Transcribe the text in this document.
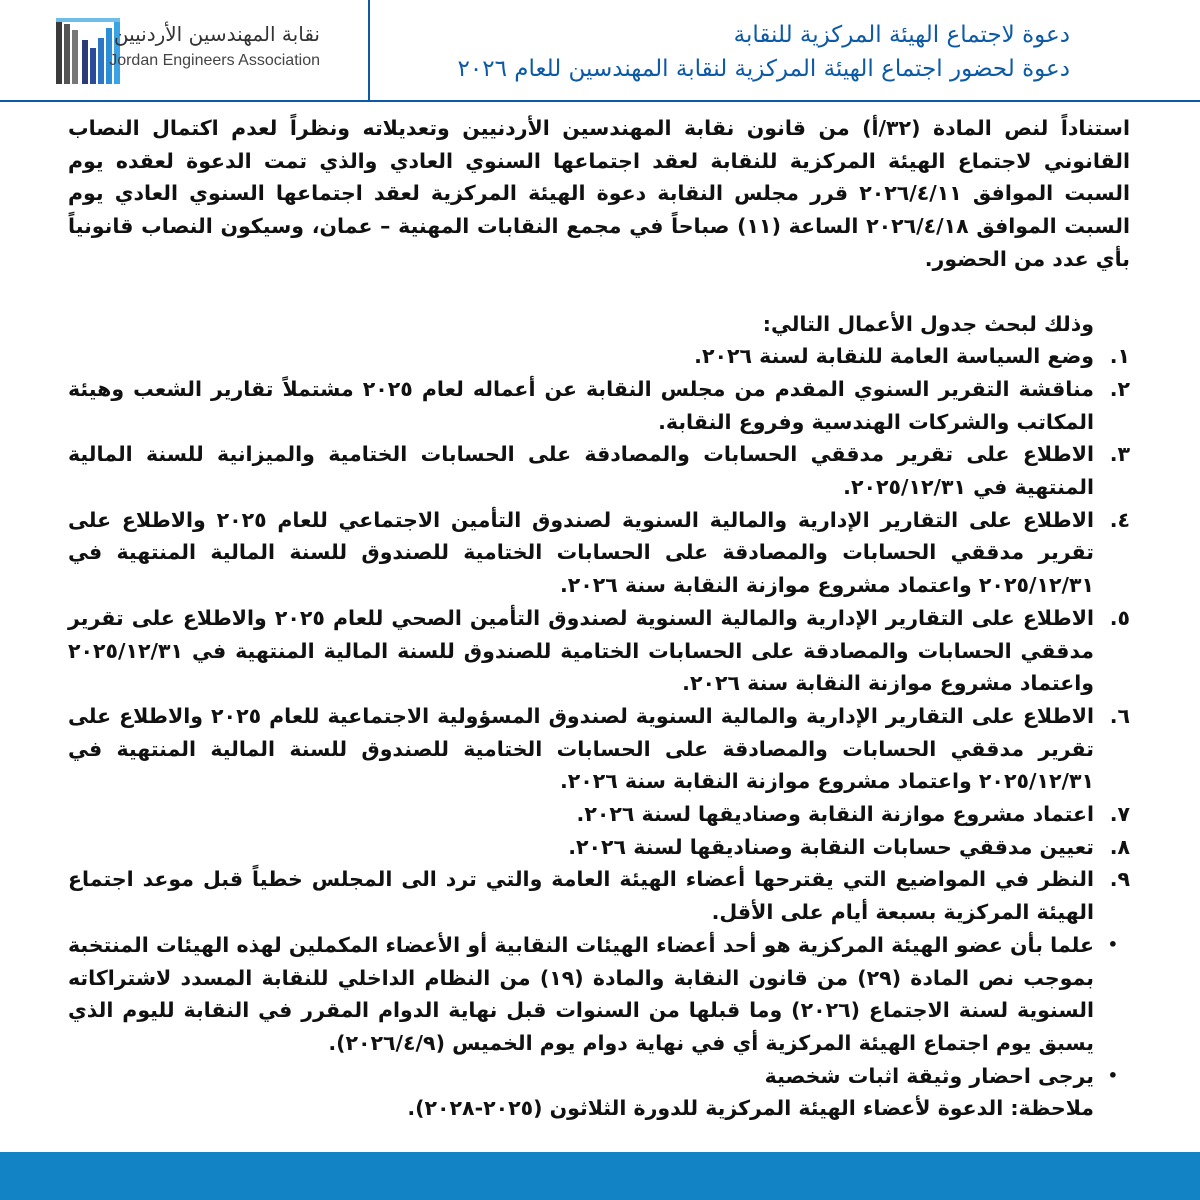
نقابة المهندسين الأردنيين
Jordan Engineers Association
دعوة لاجتماع الهيئة المركزية للنقابة
دعوة لحضور اجتماع الهيئة المركزية لنقابة المهندسين للعام ٢٠٢٦

استناداً لنص المادة (٣٢/أ) من قانون نقابة المهندسين الأردنيين وتعديلاته ونظراً لعدم اكتمال النصاب القانوني لاجتماع الهيئة المركزية للنقابة لعقد اجتماعها السنوي العادي والذي تمت الدعوة لعقده يوم السبت الموافق ٢٠٢٦/٤/١١ قرر مجلس النقابة دعوة الهيئة المركزية لعقد اجتماعها السنوي العادي يوم السبت الموافق ٢٠٢٦/٤/١٨ الساعة (١١) صباحاً في مجمع النقابات المهنية – عمان، وسيكون النصاب قانونياً بأي عدد من الحضور.

وذلك لبحث جدول الأعمال التالي:

١.
وضع السياسة العامة للنقابة لسنة ٢٠٢٦.
٢.
مناقشة التقرير السنوي المقدم من مجلس النقابة عن أعماله لعام ٢٠٢٥ مشتملاً تقارير الشعب وهيئة المكاتب والشركات الهندسية وفروع النقابة.
٣.
الاطلاع على تقرير مدققي الحسابات والمصادقة على الحسابات الختامية والميزانية للسنة المالية المنتهية في ٢٠٢٥/١٢/٣١.
٤.
الاطلاع على التقارير الإدارية والمالية السنوية لصندوق التأمين الاجتماعي للعام ٢٠٢٥ والاطلاع على تقرير مدققي الحسابات والمصادقة على الحسابات الختامية للصندوق للسنة المالية المنتهية في ٢٠٢٥/١٢/٣١ واعتماد مشروع موازنة النقابة سنة ٢٠٢٦.
٥.
الاطلاع على التقارير الإدارية والمالية السنوية لصندوق التأمين الصحي للعام ٢٠٢٥ والاطلاع على تقرير مدققي الحسابات والمصادقة على الحسابات الختامية للصندوق للسنة المالية المنتهية في ٢٠٢٥/١٢/٣١ واعتماد مشروع موازنة النقابة سنة ٢٠٢٦.
٦.
الاطلاع على التقارير الإدارية والمالية السنوية لصندوق المسؤولية الاجتماعية للعام ٢٠٢٥ والاطلاع على تقرير مدققي الحسابات والمصادقة على الحسابات الختامية للصندوق للسنة المالية المنتهية في ٢٠٢٥/١٢/٣١ واعتماد مشروع موازنة النقابة سنة ٢٠٢٦.
٧.
اعتماد مشروع موازنة النقابة وصناديقها لسنة ٢٠٢٦.
٨.
تعيين مدققي حسابات النقابة وصناديقها لسنة ٢٠٢٦.
٩.
النظر في المواضيع التي يقترحها أعضاء الهيئة العامة والتي ترد الى المجلس خطياً قبل موعد اجتماع الهيئة المركزية بسبعة أيام على الأقل.
•
علما بأن عضو الهيئة المركزية هو أحد أعضاء الهيئات النقابية أو الأعضاء المكملين لهذه الهيئات المنتخبة بموجب نص المادة (٢٩) من قانون النقابة والمادة (١٩) من النظام الداخلي للنقابة المسدد لاشتراكاته السنوية لسنة الاجتماع (٢٠٢٦) وما قبلها من السنوات قبل نهاية الدوام المقرر في النقابة لليوم الذي يسبق يوم اجتماع الهيئة المركزية أي في نهاية دوام يوم الخميس (٢٠٢٦/٤/٩).
•
يرجى احضار وثيقة اثبات شخصية

ملاحظة: الدعوة لأعضاء الهيئة المركزية للدورة الثلاثون (٢٠٢٥-٢٠٢٨).
